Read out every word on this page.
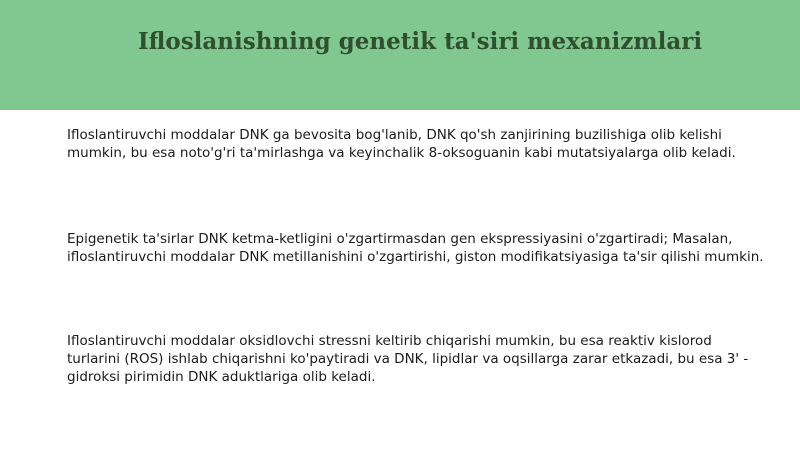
Ifloslanishning genetik ta'siri mexanizmlari

Ifloslantiruvchi moddalar DNK ga bevosita bog'lanib, DNK qo'sh zanjirining buzilishiga olib kelishi mumkin, bu esa noto'g'ri ta'mirlashga va keyinchalik 8-oksoguanin kabi mutatsiyalarga olib keladi.

Epigenetik ta'sirlar DNK ketma-ketligini o'zgartirmasdan gen ekspressiyasini o'zgartiradi; Masalan, ifloslantiruvchi moddalar DNK metillanishini o'zgartirishi, giston modifikatsiyasiga ta'sir qilishi mumkin.

Ifloslantiruvchi moddalar oksidlovchi stressni keltirib chiqarishi mumkin, bu esa reaktiv kislorod turlarini (ROS) ishlab chiqarishni ko'paytiradi va DNK, lipidlar va oqsillarga zarar etkazadi, bu esa 3' - gidroksi pirimidin DNK aduktlariga olib keladi.
